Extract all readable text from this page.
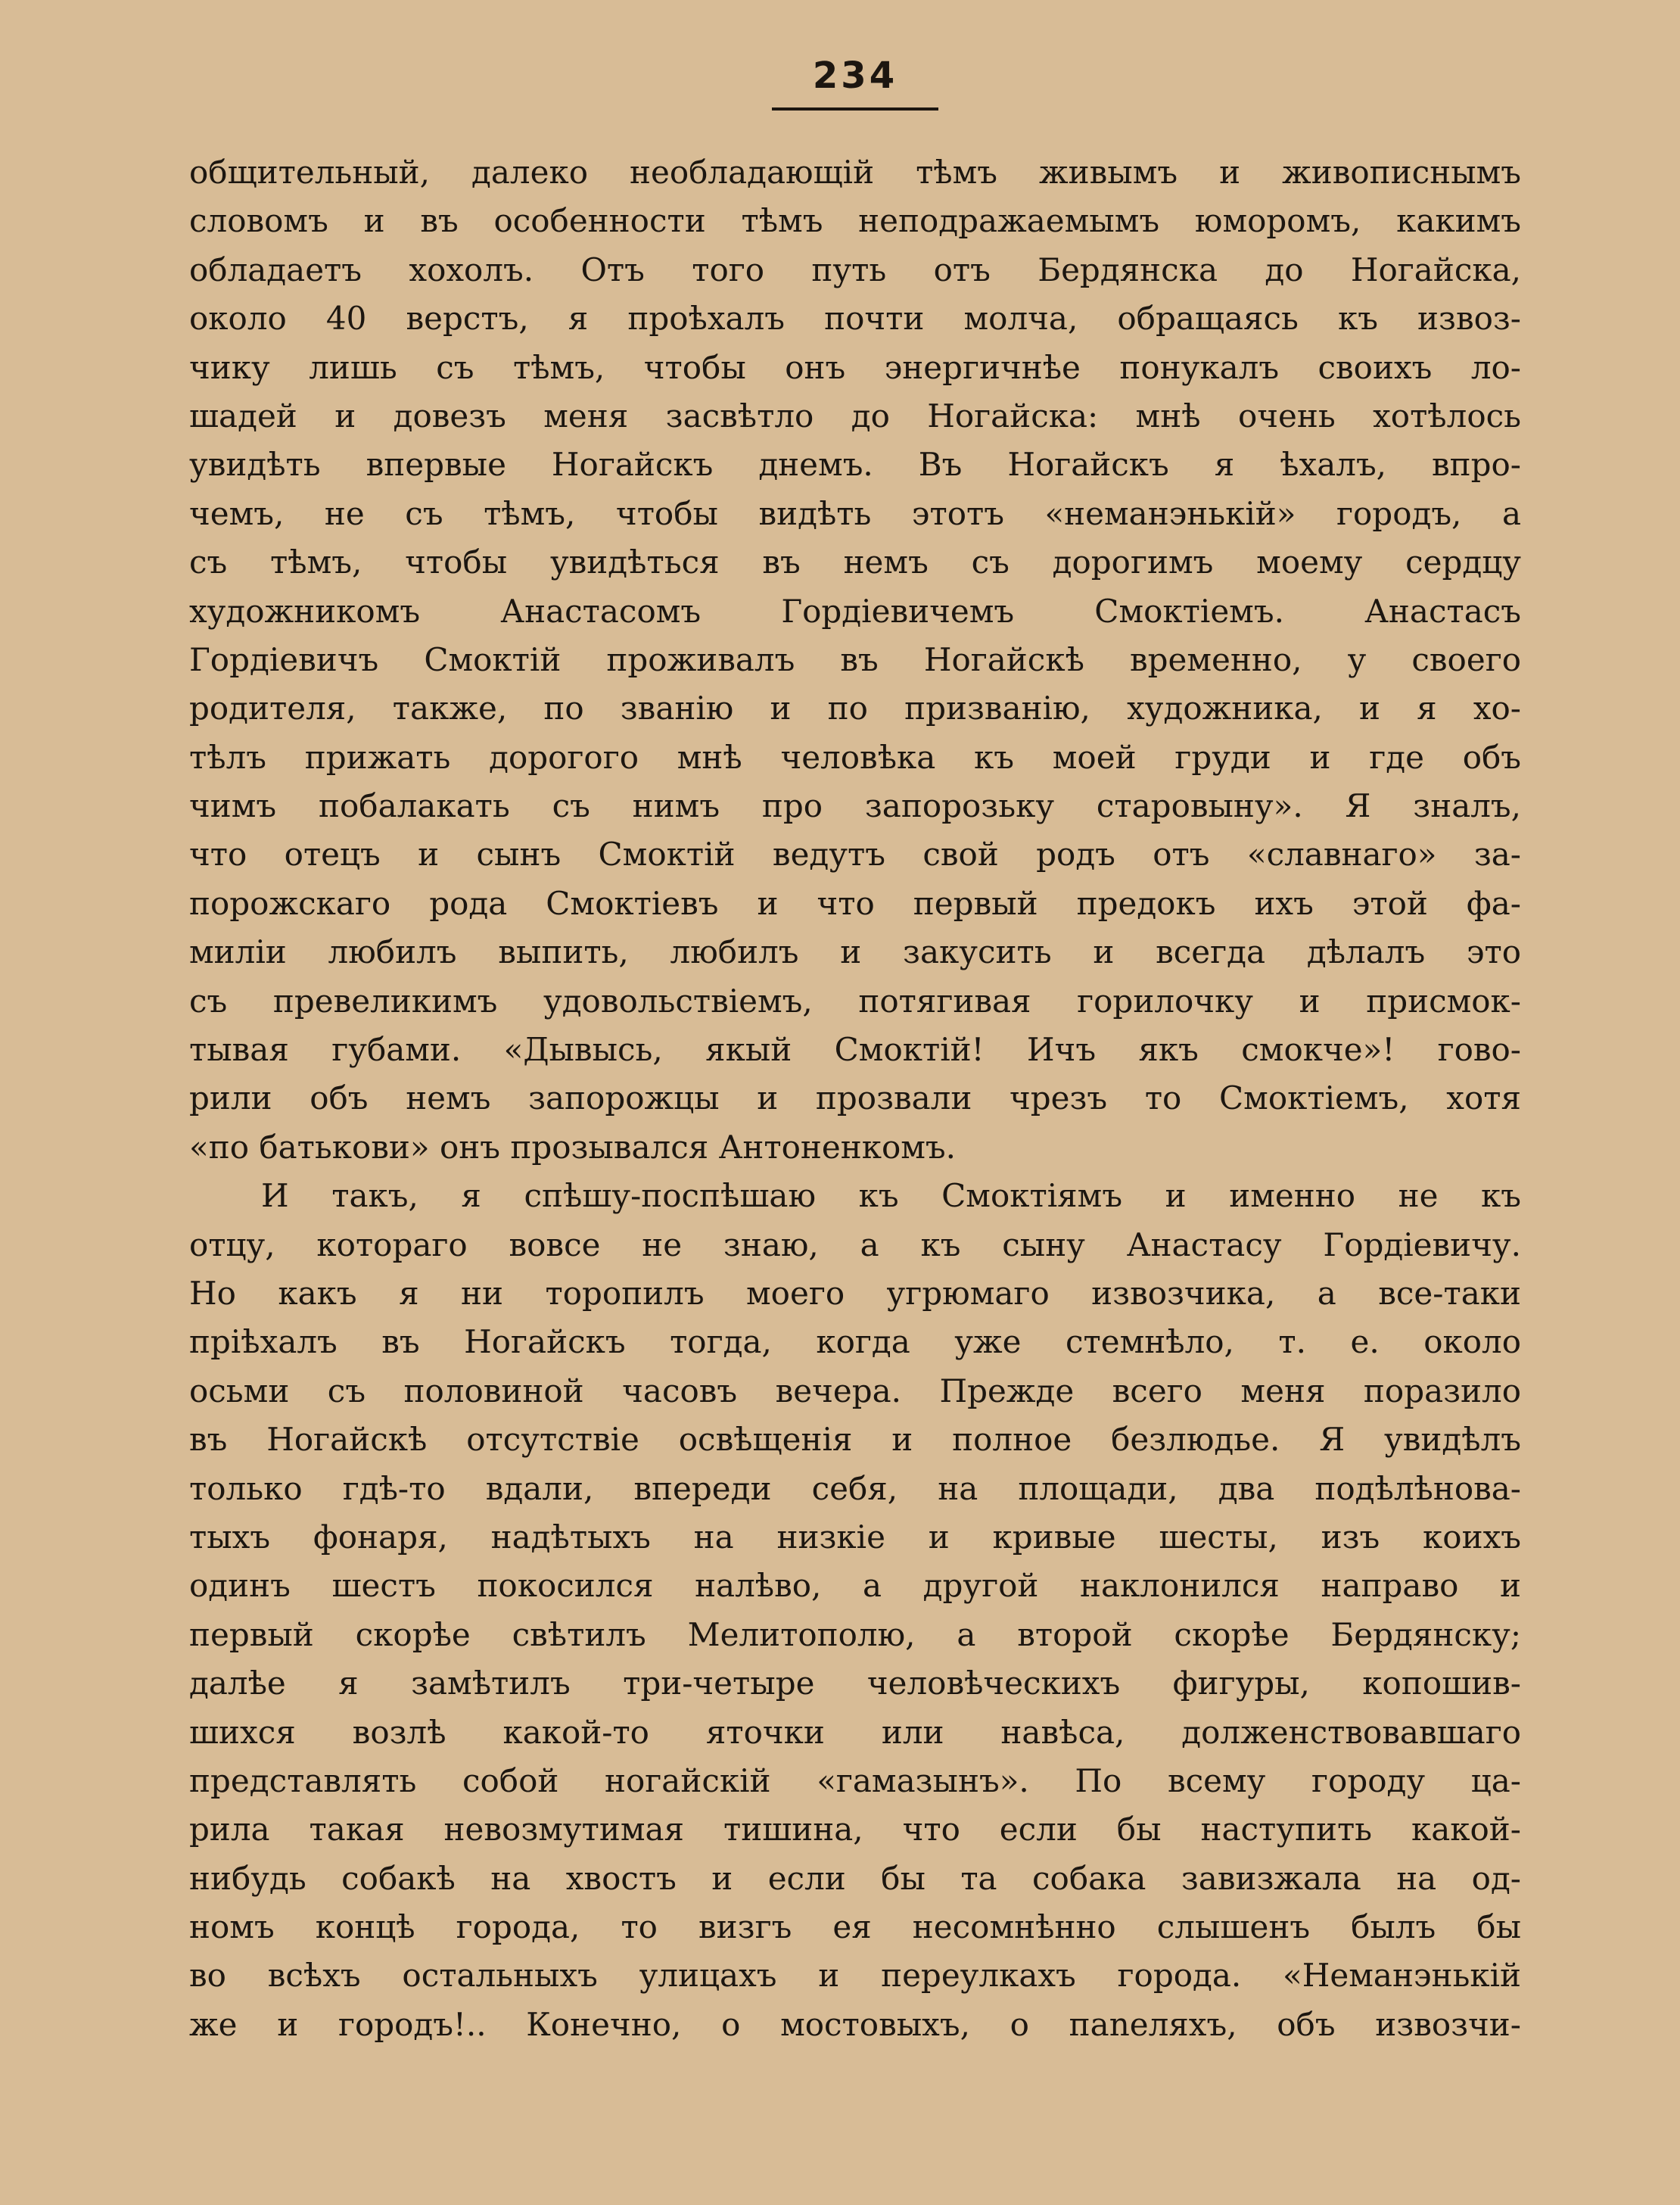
234
общительный, далеко необладающій тѣмъ живымъ и живописнымъ
словомъ и въ особенности тѣмъ неподражаемымъ юморомъ, какимъ
обладаетъ хохолъ. Отъ того путь отъ Бердянска до Ногайска,
около 40 верстъ, я проѣхалъ почти молча, обращаясь къ извоз-
чику лишь съ тѣмъ, чтобы онъ энергичнѣе понукалъ своихъ ло-
шадей и довезъ меня засвѣтло до Ногайска: мнѣ очень хотѣлось
увидѣть впервые Ногайскъ днемъ. Въ Ногайскъ я ѣхалъ, впро-
чемъ, не съ тѣмъ, чтобы видѣть этотъ «неманэнькій» городъ, а
съ тѣмъ, чтобы увидѣться въ немъ съ дорогимъ моему сердцу
художникомъ Анастасомъ Гордіевичемъ Смоктіемъ. Анастасъ
Гордіевичъ Смоктій проживалъ въ Ногайскѣ временно, у своего
родителя, также, по званію и по призванію, художника, и я хо-
тѣлъ прижать дорогого мнѣ человѣка къ моей груди и где объ
чимъ побалакать съ нимъ про запорозьку старовыну». Я зналъ,
что отецъ и сынъ Смоктій ведутъ свой родъ отъ «славнаго» за-
порожскаго рода Смоктіевъ и что первый предокъ ихъ этой фа-
миліи любилъ выпить, любилъ и закусить и всегда дѣлалъ это
съ превеликимъ удовольствіемъ, потягивая горилочку и присмок-
тывая губами. «Дывысь, якый Смоктій! Ичъ якъ смокче»! гово-
рили объ немъ запорожцы и прозвали чрезъ то Смоктіемъ, хотя
«по батькови» онъ прозывался Антоненкомъ.
И такъ, я спѣшу-поспѣшаю къ Смоктіямъ и именно не къ
отцу, котораго вовсе не знаю, а къ сыну Анастасу Гордіевичу.
Но какъ я ни торопилъ моего угрюмаго извозчика, а все-таки
пріѣхалъ въ Ногайскъ тогда, когда уже стемнѣло, т. е. около
осьми съ половиной часовъ вечера. Прежде всего меня поразило
въ Ногайскѣ отсутствіе освѣщенія и полное безлюдье. Я увидѣлъ
только гдѣ-то вдали, впереди себя, на площади, два подѣлѣнова-
тыхъ фонаря, надѣтыхъ на низкіе и кривые шесты, изъ коихъ
одинъ шестъ покосился налѣво, а другой наклонился направо и
первый скорѣе свѣтилъ Мелитополю, а второй скорѣе Бердянску;
далѣе я замѣтилъ три-четыре человѣческихъ фигуры, копошив-
шихся возлѣ какой-то яточки или навѣса, долженствовавшаго
представлять собой ногайскій «гамазынъ». По всему городу ца-
рила такая невозмутимая тишина, что если бы наступить какой-
нибудь собакѣ на хвостъ и если бы та собака завизжала на од-
номъ концѣ города, то визгъ ея несомнѣнно слышенъ былъ бы
во всѣхъ остальныхъ улицахъ и переулкахъ города. «Неманэнькій
же и городъ!.. Конечно, о мостовыхъ, о паneляхъ, объ извозчи-
